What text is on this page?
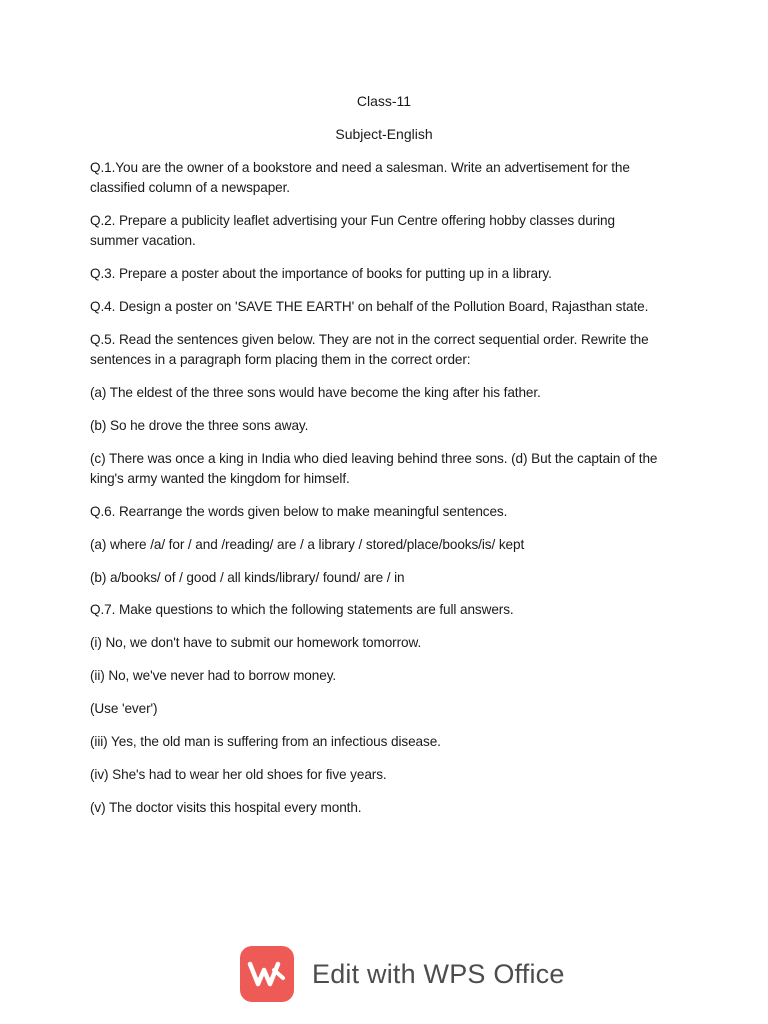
Class-11
Subject-English

Q.1.You are the owner of a bookstore and need a salesman. Write an advertisement for the
classified column of a newspaper.

Q.2. Prepare a publicity leaflet advertising your Fun Centre offering hobby classes during
summer vacation.

Q.3. Prepare a poster about the importance of books for putting up in a library.

Q.4. Design a poster on 'SAVE THE EARTH' on behalf of the Pollution Board, Rajasthan state.

Q.5. Read the sentences given below. They are not in the correct sequential order. Rewrite the
sentences in a paragraph form placing them in the correct order:

(a) The eldest of the three sons would have become the king after his father.

(b) So he drove the three sons away.

(c) There was once a king in India who died leaving behind three sons. (d) But the captain of the
king's army wanted the kingdom for himself.

Q.6. Rearrange the words given below to make meaningful sentences.

(a) where /a/ for / and /reading/ are / a library / stored/place/books/is/ kept

(b) a/books/ of / good / all kinds/library/ found/ are / in

Q.7. Make questions to which the following statements are full answers.

(i) No, we don't have to submit our homework tomorrow.

(ii) No, we've never had to borrow money.

(Use 'ever')

(iii) Yes, the old man is suffering from an infectious disease.

(iv) She's had to wear her old shoes for five years.

(v) The doctor visits this hospital every month.

Edit with WPS Office
